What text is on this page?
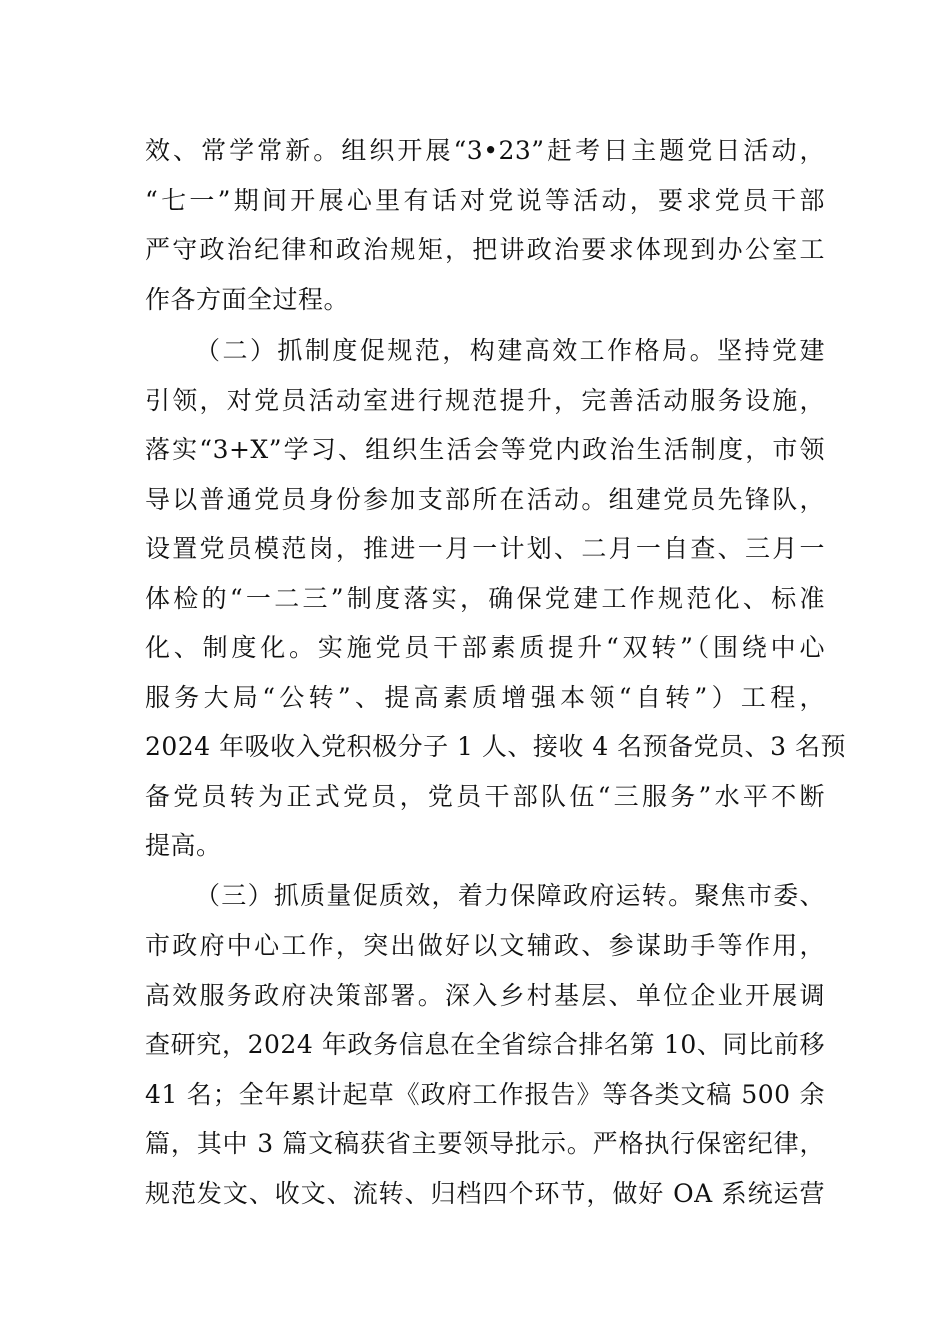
效、常学常新。组织开展“3•23”赶考日主题党日活动，
“七一”期间开展心里有话对党说等活动，要求党员干部
严守政治纪律和政治规矩，把讲政治要求体现到办公室工
作各方面全过程。
（二）抓制度促规范，构建高效工作格局。坚持党建
引领，对党员活动室进行规范提升，完善活动服务设施，
落实“3+X”学习、组织生活会等党内政治生活制度，市领
导以普通党员身份参加支部所在活动。组建党员先锋队，
设置党员模范岗，推进一月一计划、二月一自查、三月一
体检的“一二三”制度落实，确保党建工作规范化、标准
化、制度化。实施党员干部素质提升“双转”（围绕中心
服务大局“公转”、提高素质增强本领“自转”）工程，
2024 年吸收入党积极分子 1 人、接收 4 名预备党员、3 名预
备党员转为正式党员，党员干部队伍“三服务”水平不断
提高。
（三）抓质量促质效，着力保障政府运转。聚焦市委、
市政府中心工作，突出做好以文辅政、参谋助手等作用，
高效服务政府决策部署。深入乡村基层、单位企业开展调
查研究，2024 年政务信息在全省综合排名第 10、同比前移
41 名；全年累计起草《政府工作报告》等各类文稿 500 余
篇，其中 3 篇文稿获省主要领导批示。严格执行保密纪律，
规范发文、收文、流转、归档四个环节，做好 OA 系统运营
